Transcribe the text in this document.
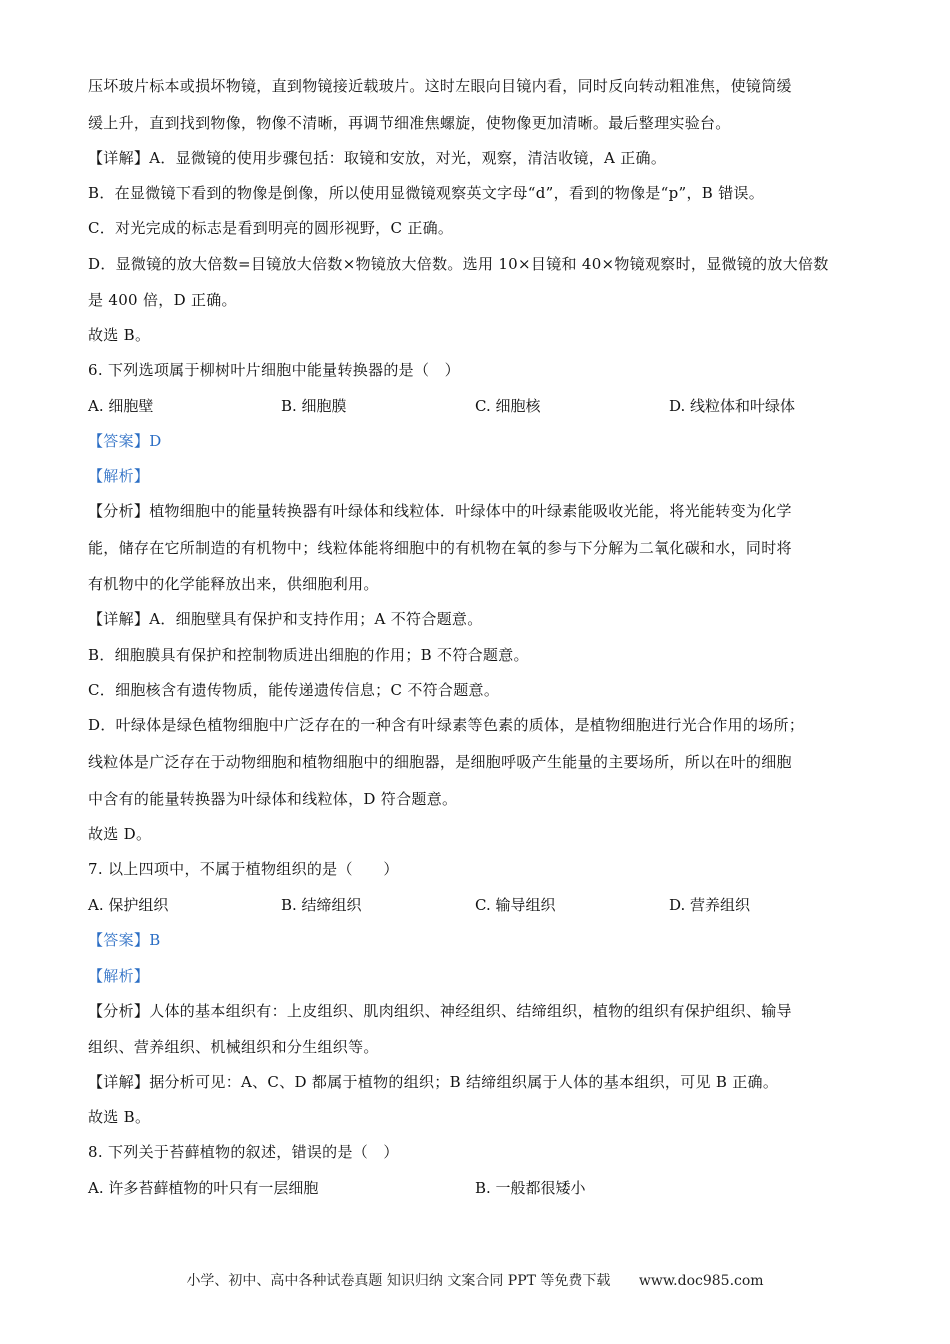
压坏玻片标本或损坏物镜，直到物镜接近载玻片。这时左眼向目镜内看，同时反向转动粗准焦，使镜筒缓
缓上升，直到找到物像，物像不清晰，再调节细准焦螺旋，使物像更加清晰。最后整理实验台。
【详解】A．显微镜的使用步骤包括：取镜和安放，对光，观察，清洁收镜，A 正确。
B．在显微镜下看到的物像是倒像，所以使用显微镜观察英文字母“d”，看到的物像是“p”，B 错误。
C．对光完成的标志是看到明亮的圆形视野，C 正确。
D．显微镜的放大倍数=目镜放大倍数×物镜放大倍数。选用 10×目镜和 40×物镜观察时，显微镜的放大倍数
是 400 倍，D 正确。
故选 B。
6. 下列选项属于柳树叶片细胞中能量转换器的是（　）
A. 细胞壁	B. 细胞膜	C. 细胞核	D. 线粒体和叶绿体
【答案】D
【解析】
【分析】植物细胞中的能量转换器有叶绿体和线粒体．叶绿体中的叶绿素能吸收光能，将光能转变为化学
能，储存在它所制造的有机物中；线粒体能将细胞中的有机物在氧的参与下分解为二氧化碳和水，同时将
有机物中的化学能释放出来，供细胞利用。
【详解】A．细胞壁具有保护和支持作用；A 不符合题意。
B．细胞膜具有保护和控制物质进出细胞的作用；B 不符合题意。
C．细胞核含有遗传物质，能传递遗传信息；C 不符合题意。
D．叶绿体是绿色植物细胞中广泛存在的一种含有叶绿素等色素的质体，是植物细胞进行光合作用的场所；
线粒体是广泛存在于动物细胞和植物细胞中的细胞器，是细胞呼吸产生能量的主要场所，所以在叶的细胞
中含有的能量转换器为叶绿体和线粒体，D 符合题意。
故选 D。
7. 以上四项中，不属于植物组织的是（　　）
A. 保护组织	B. 结缔组织	C. 输导组织	D. 营养组织
【答案】B
【解析】
【分析】人体的基本组织有：上皮组织、肌肉组织、神经组织、结缔组织，植物的组织有保护组织、输导
组织、营养组织、机械组织和分生组织等。
【详解】据分析可见：A、C、D 都属于植物的组织；B 结缔组织属于人体的基本组织，可见 B 正确。
故选 B。
8. 下列关于苔藓植物的叙述，错误的是（　）
A. 许多苔藓植物的叶只有一层细胞	B. 一般都很矮小
小学、初中、高中各种试卷真题 知识归纳 文案合同 PPT 等免费下载 www.doc985.com
